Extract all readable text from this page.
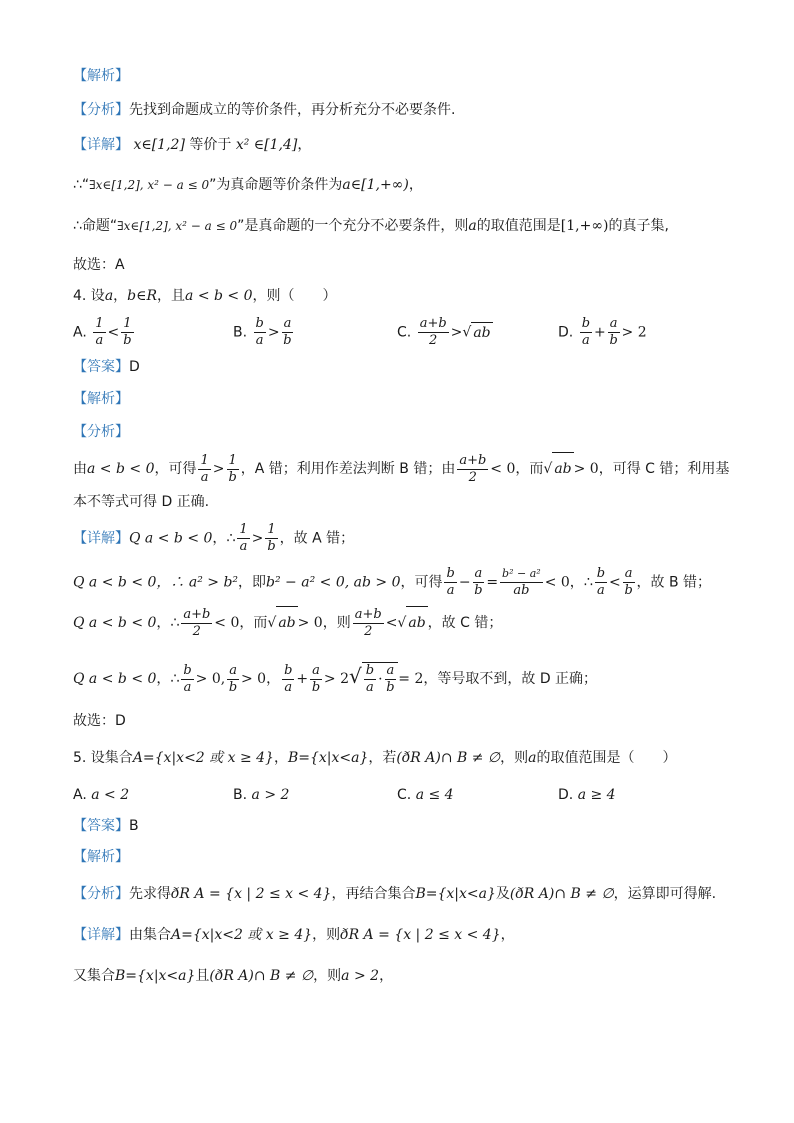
【解析】
【分析】先找到命题成立的等价条件，再分析充分不必要条件.
【详解】 x∈[1,2] 等价于 x² ∈[1,4]，
∴“∃x∈[1,2], x² − a ≤ 0”为真命题等价条件为a∈[1,+∞)，
∴命题“∃x∈[1,2], x² − a ≤ 0”是真命题的一个充分不必要条件，则a的取值范围是[1,+∞)的真子集,
故选：A
4. 设a，b∈R，且a < b < 0，则（　　）
A. $\frac{1}{a} < \frac{1}{b}$	B. $\frac{b}{a} > \frac{a}{b}$	C. $\frac{a+b}{2}$ >√ ab	D. $\frac{b}{a} + \frac{a}{b} > 2$
【答案】D
【解析】
【分析】
由a < b < 0，可得 $\frac{1}{a} > \frac{1}{b}$ ，A 错；利用作差法判断 B 错；由 $\frac{a+b}{2} < 0$，而√ ab > 0，可得 C 错；利用基
本不等式可得 D 正确.
【详解】Q a < b < 0，∴ $\frac{1}{a} > \frac{1}{b}$ ，故 A 错；
Q a < b < 0，∴ a² > b²，即b² − a² < 0, ab > 0，可得 $\frac{b}{a} - \frac{a}{b} = \frac{\text{b² − a²}}{ab} < 0$，∴ $\frac{b}{a} < \frac{a}{b}$ ，故 B 错；
Q a < b < 0，∴ $\frac{a+b}{2} < 0$，而√ ab > 0，则 $\frac{a+b}{2}$ <√ ab ，故 C 错；
Q a < b < 0，∴ $\frac{b}{a} > 0$, $\frac{a}{b} > 0$， $\frac{b}{a} + \frac{a}{b} > 2√ \frac{b}{a} \cdot \frac{a}{b} = 2$，等号取不到，故 D 正确；
故选：D
5. 设集合A={x|x<2 或 x ≥ 4}，B={x|x<a}，若(ðR A)∩ B ≠ ∅，则a的取值范围是（　　）
A. a < 2	B. a > 2	C. a ≤ 4	D. a ≥ 4
【答案】B
【解析】
【分析】先求得ðR A = {x | 2 ≤ x < 4}，再结合集合B={x|x<a}及(ðR A)∩ B ≠ ∅，运算即可得解.
【详解】由集合A={x|x<2 或 x ≥ 4}，则ðR A = {x | 2 ≤ x < 4}，
又集合B={x|x<a}且(ðR A)∩ B ≠ ∅，则a > 2，
